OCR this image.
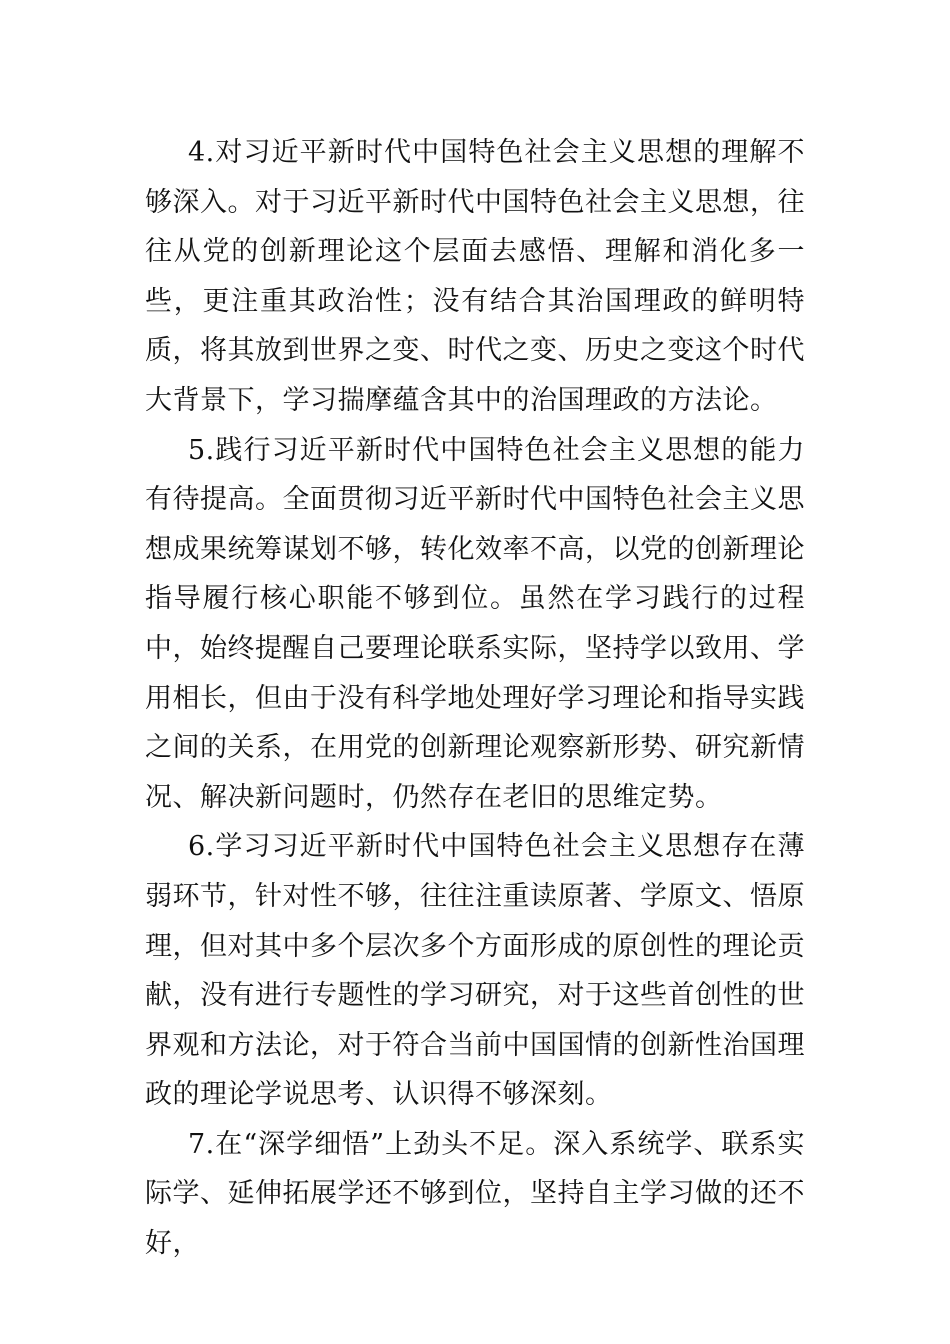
4.对习近平新时代中国特色社会主义思想的理解不够深入。对于习近平新时代中国特色社会主义思想，往往从党的创新理论这个层面去感悟、理解和消化多一些，更注重其政治性；没有结合其治国理政的鲜明特质，将其放到世界之变、时代之变、历史之变这个时代大背景下，学习揣摩蕴含其中的治国理政的方法论。

5.践行习近平新时代中国特色社会主义思想的能力有待提高。全面贯彻习近平新时代中国特色社会主义思想成果统筹谋划不够，转化效率不高，以党的创新理论指导履行核心职能不够到位。虽然在学习践行的过程中，始终提醒自己要理论联系实际，坚持学以致用、学用相长，但由于没有科学地处理好学习理论和指导实践之间的关系，在用党的创新理论观察新形势、研究新情况、解决新问题时，仍然存在老旧的思维定势。

6.学习习近平新时代中国特色社会主义思想存在薄弱环节，针对性不够，往往注重读原著、学原文、悟原理，但对其中多个层次多个方面形成的原创性的理论贡献，没有进行专题性的学习研究，对于这些首创性的世界观和方法论，对于符合当前中国国情的创新性治国理政的理论学说思考、认识得不够深刻。

7.在“深学细悟”上劲头不足。深入系统学、联系实际学、延伸拓展学还不够到位，坚持自主学习做的还不好，
